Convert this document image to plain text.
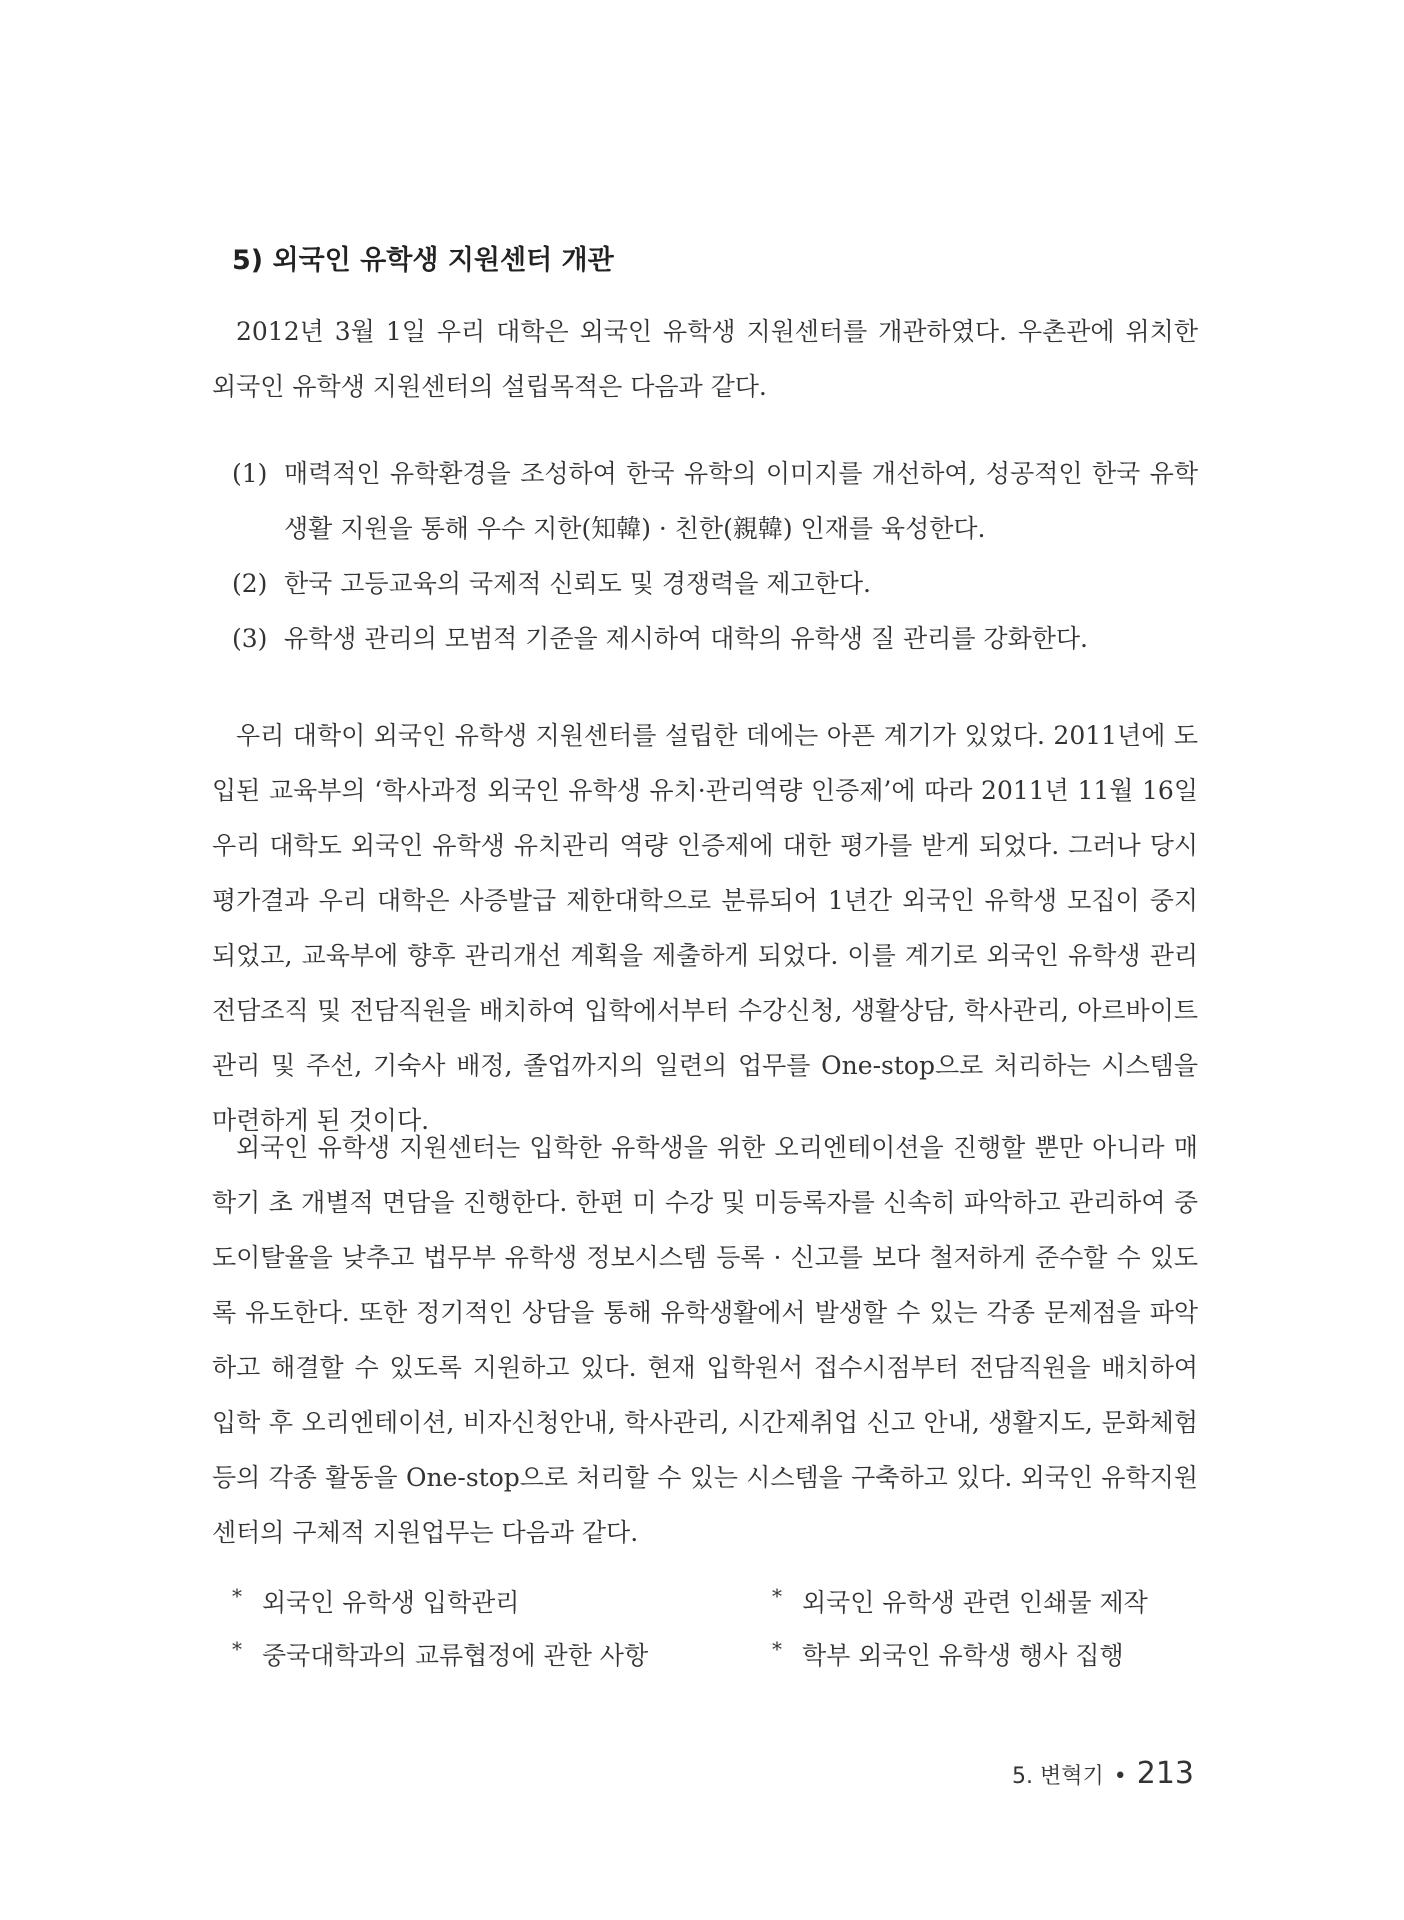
5) 외국인 유학생 지원센터 개관
2012년 3월 1일 우리 대학은 외국인 유학생 지원센터를 개관하였다. 우촌관에 위치한 외국인 유학생 지원센터의 설립목적은 다음과 같다.
(1) 매력적인 유학환경을 조성하여 한국 유학의 이미지를 개선하여, 성공적인 한국 유학생활 지원을 통해 우수 지한(知韓) · 친한(親韓) 인재를 육성한다.
(2) 한국 고등교육의 국제적 신뢰도 및 경쟁력을 제고한다.
(3) 유학생 관리의 모범적 기준을 제시하여 대학의 유학생 질 관리를 강화한다.
우리 대학이 외국인 유학생 지원센터를 설립한 데에는 아픈 계기가 있었다. 2011년에 도입된 교육부의 ‘학사과정 외국인 유학생 유치·관리역량 인증제’에 따라 2011년 11월 16일 우리 대학도 외국인 유학생 유치관리 역량 인증제에 대한 평가를 받게 되었다. 그러나 당시 평가결과 우리 대학은 사증발급 제한대학으로 분류되어 1년간 외국인 유학생 모집이 중지되었고, 교육부에 향후 관리개선 계획을 제출하게 되었다. 이를 계기로 외국인 유학생 관리 전담조직 및 전담직원을 배치하여 입학에서부터 수강신청, 생활상담, 학사관리, 아르바이트 관리 및 주선, 기숙사 배정, 졸업까지의 일련의 업무를 One-stop으로 처리하는 시스템을 마련하게 된 것이다.
외국인 유학생 지원센터는 입학한 유학생을 위한 오리엔테이션을 진행할 뿐만 아니라 매 학기 초 개별적 면담을 진행한다. 한편 미 수강 및 미등록자를 신속히 파악하고 관리하여 중도이탈율을 낮추고 법무부 유학생 정보시스템 등록 · 신고를 보다 철저하게 준수할 수 있도록 유도한다. 또한 정기적인 상담을 통해 유학생활에서 발생할 수 있는 각종 문제점을 파악하고 해결할 수 있도록 지원하고 있다. 현재 입학원서 접수시점부터 전담직원을 배치하여 입학 후 오리엔테이션, 비자신청안내, 학사관리, 시간제취업 신고 안내, 생활지도, 문화체험 등의 각종 활동을 One-stop으로 처리할 수 있는 시스템을 구축하고 있다. 외국인 유학지원 센터의 구체적 지원업무는 다음과 같다.
* 외국인 유학생 입학관리	* 외국인 유학생 관련 인쇄물 제작
* 중국대학과의 교류협정에 관한 사항	* 학부 외국인 유학생 행사 집행
5. 변혁기 • 213
